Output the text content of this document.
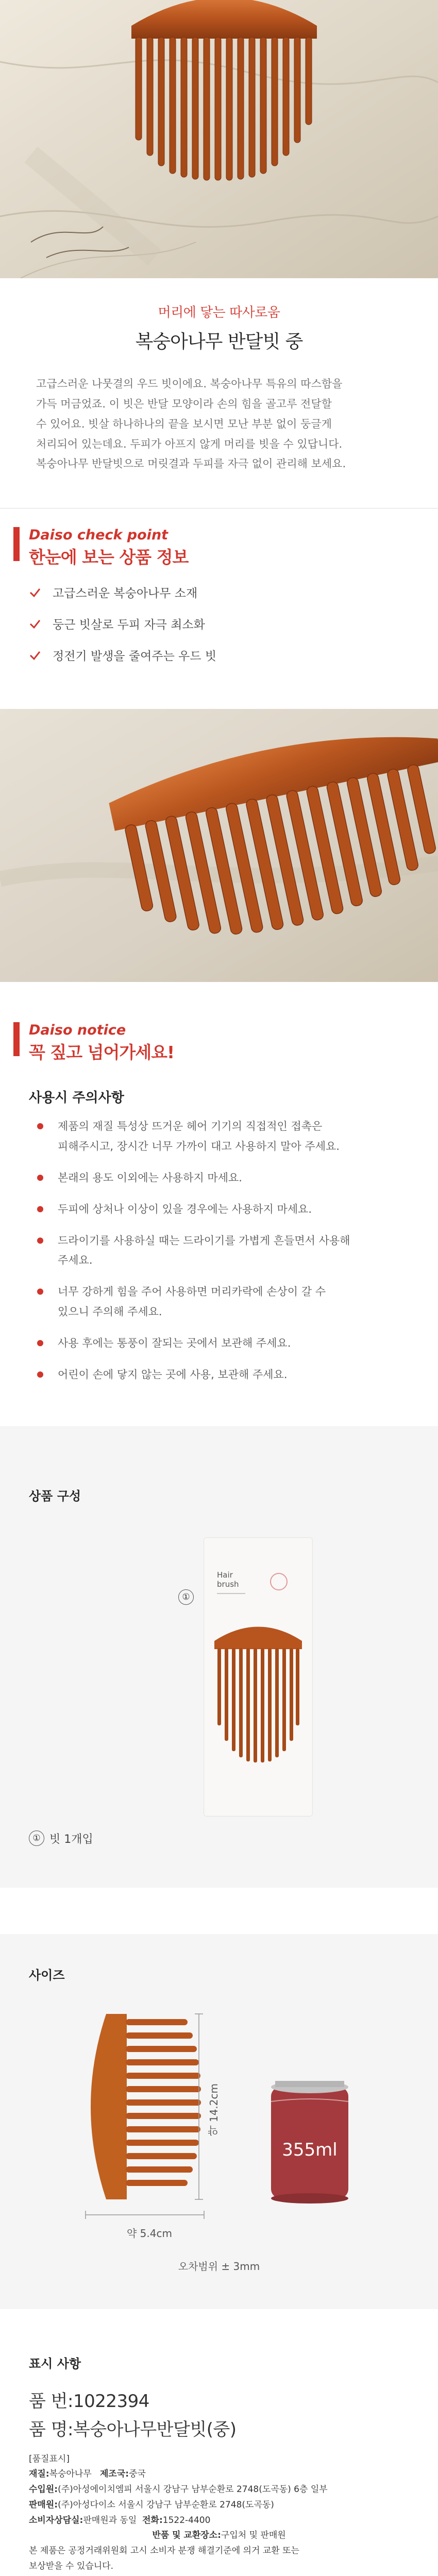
머리에 닿는 따사로움
복숭아나무 반달빗 중

고급스러운 나뭇결의 우드 빗이에요. 복숭아나무 특유의 따스함을

가득 머금었죠. 이 빗은 반달 모양이라 손의 힘을 골고루 전달할

수 있어요. 빗살 하나하나의 끝을 보시면 모난 부분 없이 둥글게

처리되어 있는데요. 두피가 아프지 않게 머리를 빗을 수 있답니다.

복숭아나무 반달빗으로 머릿결과 두피를 자극 없이 관리해 보세요.

Daiso check point
한눈에 보는 상품 정보
고급스러운 복숭아나무 소재
둥근 빗살로 두피 자극 최소화
정전기 발생을 줄여주는 우드 빗
Daiso notice
꼭 짚고 넘어가세요!
사용시 주의사항
제품의 재질 특성상 뜨거운 헤어 기기의 직접적인 접촉은
피해주시고, 장시간 너무 가까이 대고 사용하지 말아 주세요.
본래의 용도 이외에는 사용하지 마세요.
두피에 상처나 이상이 있을 경우에는 사용하지 마세요.
드라이기를 사용하실 때는 드라이기를 가볍게 흔들면서 사용해
주세요.
너무 강하게 힘을 주어 사용하면 머리카락에 손상이 갈 수
있으니 주의해 주세요.
사용 후에는 통풍이 잘되는 곳에서 보관해 주세요.
어린이 손에 닿지 않는 곳에 사용, 보관해 주세요.
상품 구성
①
Hair
brush
① 빗 1개입
사이즈
355ml
약 14.2cm
약 5.4cm
오차범위 ± 3mm
표시 사항
품 번:1022394
품 명:복숭아나무반달빗(중)
[품질표시]
재질:복숭아나무 제조국:중국
수입원:(주)아성에이치엠피 서울시 강남구 남부순환로 2748(도곡동) 6층 일부
판매원:(주)아성다이소 서울시 강남구 남부순환로 2748(도곡동)
소비자상담실:판매원과 동일 전화:1522-4400
반품 및 교환장소:구입처 및 판매원
본 제품은 공정거래위원회 고시 소비자 분쟁 해결기준에 의거 교환 또는
보상받을 수 있습니다.
